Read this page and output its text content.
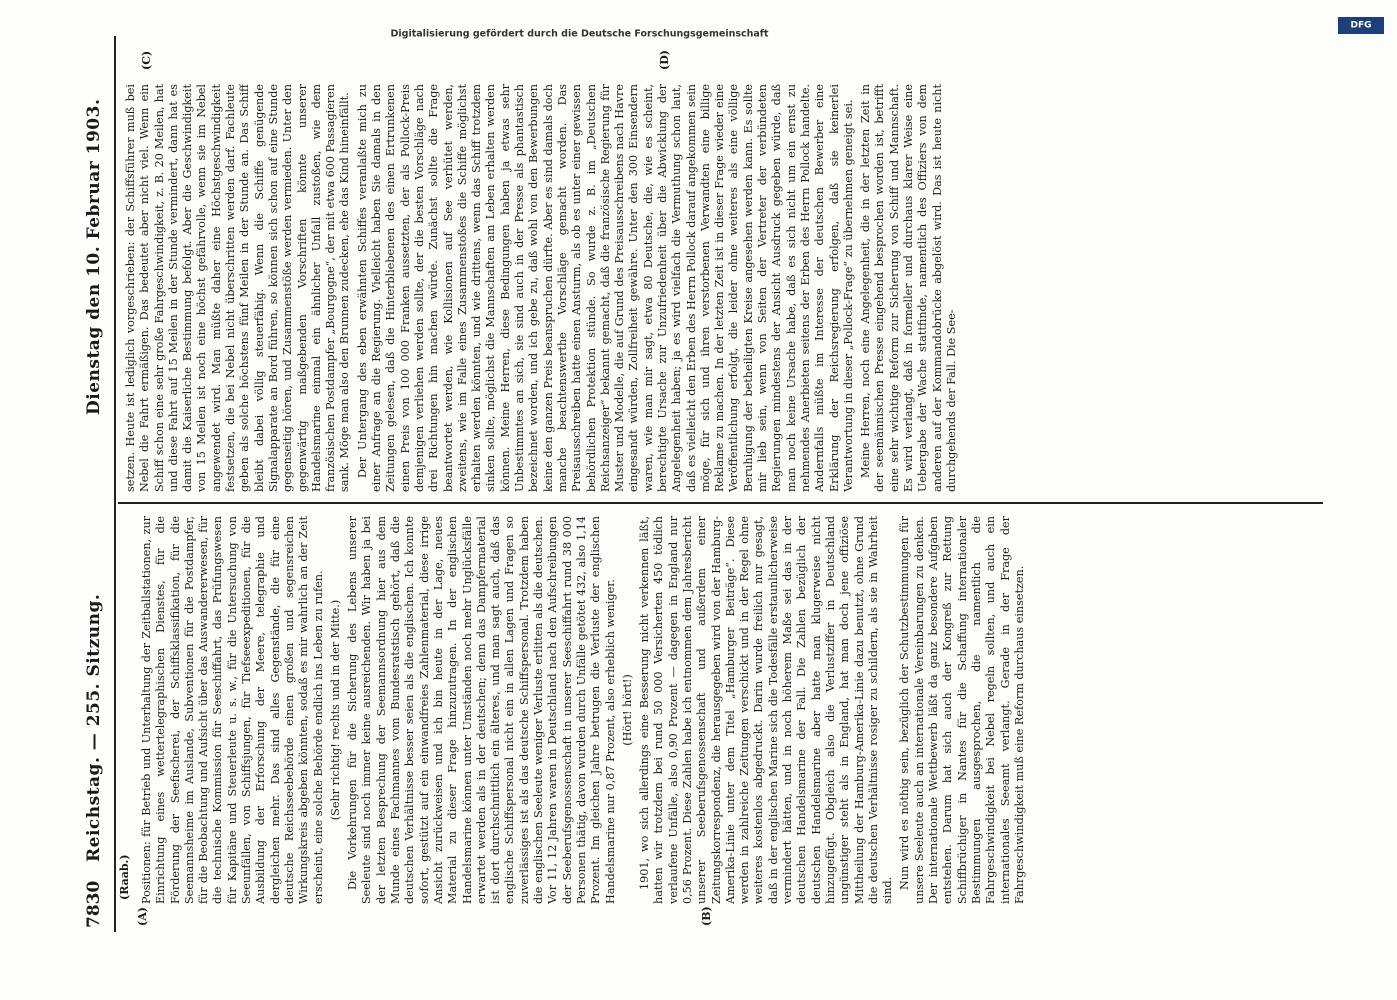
7830
Reichstag. — 255. Sitzung.
Dienstag den 10. Februar 1903.
(Raab.)
(A)	(B)
(C)	(D)

Positionen: für Betrieb und Unterhaltung der Zeitballstationen, zur Einrichtung eines wettertelegraphischen Dienstes, für die Förderung der Seefischerei, der Schiffsklassifikation, für die Seemannsheime im Auslande, Subventionen für die Postdampfer, für die Beobachtung und Aufsicht über das Auswandererwesen, für die technische Kommission für Seeschiffahrt, das Prüfungswesen für Kapitäne und Steuerleute u. s. w., für die Untersuchung von Seeunfällen, von Schiffsjungen, für Tiefseeexpeditionen, für die Ausbildung der Erforschung der Meere, telegraphie und dergleichen mehr. Das sind alles Gegenstände, die für eine deutsche Reichsseebehörde einen großen und segensreichen Wirkungskreis abgeben könnten, sodaß es mir wahrlich an der Zeit erscheint, eine solche Behörde endlich ins Leben zu rufen. (Sehr richtig! rechts und in der Mitte.) Die Vorkehrungen für die Sicherung des Lebens unserer Seeleute sind noch immer keine ausreichenden. Wir haben ja bei der letzten Besprechung der Seemannsordnung hier aus dem Munde eines Fachmannes vom Bundesratstisch gehört, daß die deutschen Verhältnisse besser seien als die englischen. Ich konnte sofort, gestützt auf ein einwandfreies Zahlenmaterial, diese irrige Ansicht zurückweisen und ich bin heute in der Lage, neues Material zu dieser Frage hinzuzutragen. In der englischen Handelsmarine können unter Umständen noch mehr Unglücksfälle erwartet werden als in der deutschen; denn das Dampfermaterial ist dort durchschnittlich ein älteres, und man sagt auch, daß das englische Schiffspersonal nicht ein in allen Lagen und Fragen so zuverlässiges ist als das deutsche Schiffspersonal. Trotzdem haben die englischen Seeleute weniger Verluste erlitten als die deutschen. Vor 11, 12 Jahren waren in Deutschland nach den Aufschreibungen der Seeberufsgenossenschaft in unserer Seeschiffahrt rund 38 000 Personen thätig, davon wurden durch Unfälle getötet 432, also 1,14 Prozent. Im gleichen Jahre betrugen die Verluste der englischen Handelsmarine nur 0,87 Prozent, also erheblich weniger. (Hört! hört!) 1901, wo sich allerdings eine Besserung nicht verkennen läßt, hatten wir trotzdem bei rund 50 000 Versicherten 450 tödlich verlaufene Unfälle, also 0,90 Prozent — dagegen in England nur 0,56 Prozent. Diese Zahlen habe ich entnommen dem Jahresbericht unserer Seeberufsgenossenschaft und außerdem einer Zeitungskorrespondenz, die herausgegeben wird von der Hamburg-Amerika-Linie unter dem Titel „Hamburger Beiträge“. Diese werden in zahlreiche Zeitungen verschickt und in der Regel ohne weiteres kostenlos abgedruckt. Darin wurde freilich nur gesagt, daß in der englischen Marine sich die Todesfälle erstaunlicherweise vermindert hätten, und in noch höherem Maße sei das in der deutschen Handelsmarine der Fall. Die Zahlen bezüglich der deutschen Handelsmarine aber hatte man klugerweise nicht hinzugefügt. Obgleich also die Verlustziffer in Deutschland ungünstiger steht als in England, hat man doch jene offiziöse Mittheilung der Hamburg-Amerika-Linie dazu benutzt, ohne Grund die deutschen Verhältnisse rosiger zu schildern, als sie in Wahrheit sind.

Nun wird es nöthig sein, bezüglich der Schutzbestimmungen für unsere Seeleute auch an internationale Vereinbarungen zu denken. Der internationale Wettbewerb läßt da ganz besondere Aufgaben entstehen. Darum hat sich auch der Kongreß zur Rettung Schiffbrüchiger in Nantes für die Schaffung internationaler Bestimmungen ausgesprochen, die namentlich die Fahrgeschwindigkeit bei Nebel regeln sollten, und auch ein internationales Seeamt verlangt. Gerade in der Frage der Fahrgeschwindigkeit muß eine Reform durchaus einsetzen.

setzen. Heute ist lediglich vorgeschrieben: der Schiffsführer muß bei Nebel die Fahrt ermäßigen. Das bedeutet aber nicht viel. Wenn ein Schiff schon eine sehr große Fahrgeschwindigkeit, z. B. 20 Meilen, hat und diese Fahrt auf 15 Meilen in der Stunde vermindert, dann hat es damit die Kaiserliche Bestimmung befolgt. Aber die Geschwindigkeit von 15 Meilen ist noch eine höchst gefährvolle, wenn sie im Nebel angewendet wird. Man müßte daher eine Höchstgeschwindigkeit festsetzen, die bei Nebel nicht überschritten werden darf. Fachleute geben als solche höchstens fünf Meilen in der Stunde an. Das Schiff bleibt dabei völlig steuerfähig. Wenn die Schiffe genügende Signalapparate an Bord führen, so können sich schon auf eine Stunde gegenseitig hören, und Zusammenstöße werden vermieden. Unter den gegenwärtig maßgebenden Vorschriften könnte unserer Handelsmarine einmal ein ähnlicher Unfall zustoßen, wie dem französischen Postdampfer „Bourgogne“, der mit etwa 600 Passagieren sank. Möge man also den Brunnen zudecken, ehe das Kind hineinfällt. Der Untergang des eben erwähnten Schiffes veranlaßte mich zu einer Anfrage an die Regierung. Vielleicht haben Sie damals in den Zeitungen gelesen, daß die Hinterbliebenen des einen Ertrunkenen einen Preis von 100 000 Franken aussetzten, der als Pollock-Preis demjenigen verliehen werden sollte, der die besten Vorschläge nach drei Richtungen hin machen würde. Zunächst sollte die Frage beantwortet werden, wie Kollisionen auf See verhütet werden, zweitens, wie im Falle eines Zusammenstoßes die Schiffe möglichst erhalten werden könnten, und wie drittens, wenn das Schiff trotzdem sinken sollte, möglichst die Mannschaften am Leben erhalten werden können. Meine Herren, diese Bedingungen haben ja etwas sehr Unbestimmtes an sich, sie sind auch in der Presse als phantastisch bezeichnet worden, und ich gebe zu, daß wohl von den Bewerbungen keine den ganzen Preis beanspruchen dürfte. Aber es sind damals doch manche beachtenswerthe Vorschläge gemacht worden. Das Preisausschreiben hatte einen Ansturm, als ob es unter einer gewissen behördlichen Protektion stünde. So wurde z. B. im „Deutschen Reichsanzeiger“ bekannt gemacht, daß die französische Regierung für Muster und Modelle, die auf Grund des Preisausschreibens nach Havre eingesandt würden, Zollfreiheit gewähre. Unter den 300 Einsendern waren, wie man mir sagt, etwa 80 Deutsche, die, wie es scheint, berechtigte Ursache zur Unzufriedenheit über die Abwicklung der Angelegenheit haben; ja es wird vielfach die Vermuthung schon laut, daß es vielleicht den Erben des Herrn Pollock darauf angekommen sein möge, für sich und ihren verstorbenen Verwandten eine billige Reklame zu machen. In der letzten Zeit ist in dieser Frage wieder eine Veröffentlichung erfolgt, die leider ohne weiteres als eine völlige Beruhigung der betheiligten Kreise angesehen werden kann. Es sollte mir lieb sein, wenn von Seiten der Vertreter der verbündeten Regierungen mindestens der Ansicht Ausdruck gegeben würde, daß man noch keine Ursache habe, daß es sich nicht um ein ernst zu nehmendes Anerbieten seitens der Erben des Herrn Pollock handelte. Andernfalls müßte im Interesse der deutschen Bewerber eine Erklärung der Reichsregierung erfolgen, daß sie keinerlei Verantwortung in dieser „Pollock-Frage“ zu übernehmen geneigt sei. Meine Herren, noch eine Angelegenheit, die in der letzten Zeit in der seemännischen Presse eingehend besprochen worden ist, betrifft eine sehr wichtige Reform zur Sicherung von Schiff und Mannschaft. Es wird verlangt, daß in formeller und durchaus klarer Weise eine Uebergabe der Wache stattfinde, namentlich des Offiziers von dem anderen auf der Kommandobrücke abgelöst wird. Das ist heute nicht durchgehends der Fall. Die See-

Digitalisierung gefördert durch die Deutsche Forschungsgemeinschaft
DFG
